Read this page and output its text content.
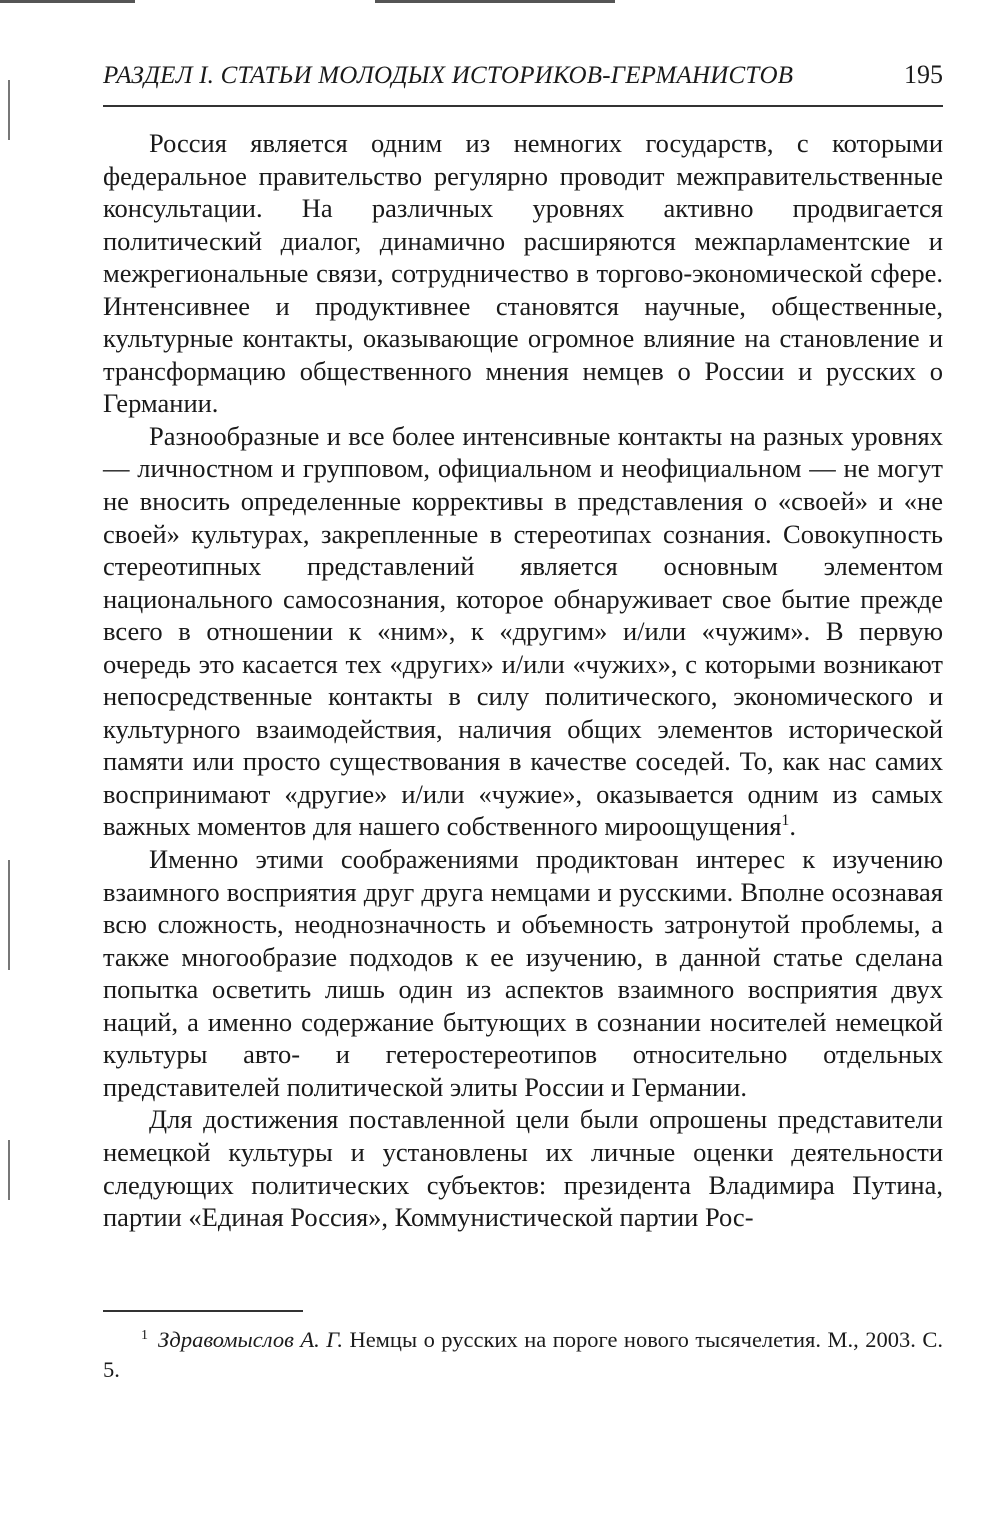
РАЗДЕЛ I. СТАТЬИ МОЛОДЫХ ИСТОРИКОВ-ГЕРМАНИСТОВ	195

Россия является одним из немногих государств, с которыми федеральное правительство регулярно проводит межправительственные консультации. На различных уровнях активно продвигается политический диалог, динамично расширяются межпарламентские и межрегиональные связи, сотрудничество в торгово-экономической сфере. Интенсивнее и продуктивнее становятся научные, общественные, культурные контакты, оказывающие огромное влияние на становление и трансформацию общественного мнения немцев о России и русских о Германии.

Разнообразные и все более интенсивные контакты на разных уровнях — личностном и групповом, официальном и неофициальном — не могут не вносить определенные коррективы в представления о «своей» и «не своей» культурах, закрепленные в стереотипах сознания. Совокупность стереотипных представлений является основным элементом национального самосознания, которое обнаруживает свое бытие прежде всего в отношении к «ним», к «другим» и/или «чужим». В первую очередь это касается тех «других» и/или «чужих», с которыми возникают непосредственные контакты в силу политического, экономического и культурного взаимодействия, наличия общих элементов исторической памяти или просто существования в качестве соседей. То, как нас самих воспринимают «другие» и/или «чужие», оказывается одним из самых важных моментов для нашего собственного мироощущения$^1$.

Именно этими соображениями продиктован интерес к изучению взаимного восприятия друг друга немцами и русскими. Вполне осознавая всю сложность, неоднозначность и объемность затронутой проблемы, а также многообразие подходов к ее изучению, в данной статье сделана попытка осветить лишь один из аспектов взаимного восприятия двух наций, а именно содержание бытующих в сознании носителей немецкой культуры авто- и гетеростереотипов относительно отдельных представителей политической элиты России и Германии.

Для достижения поставленной цели были опрошены представители немецкой культуры и установлены их личные оценки деятельности следующих политических субъектов: президента Владимира Путина, партии «Единая Россия», Коммунистической партии Рос-

$^1$ Здравомыслов А. Г. Немцы о русских на пороге нового тысячелетия. М., 2003. С. 5.
